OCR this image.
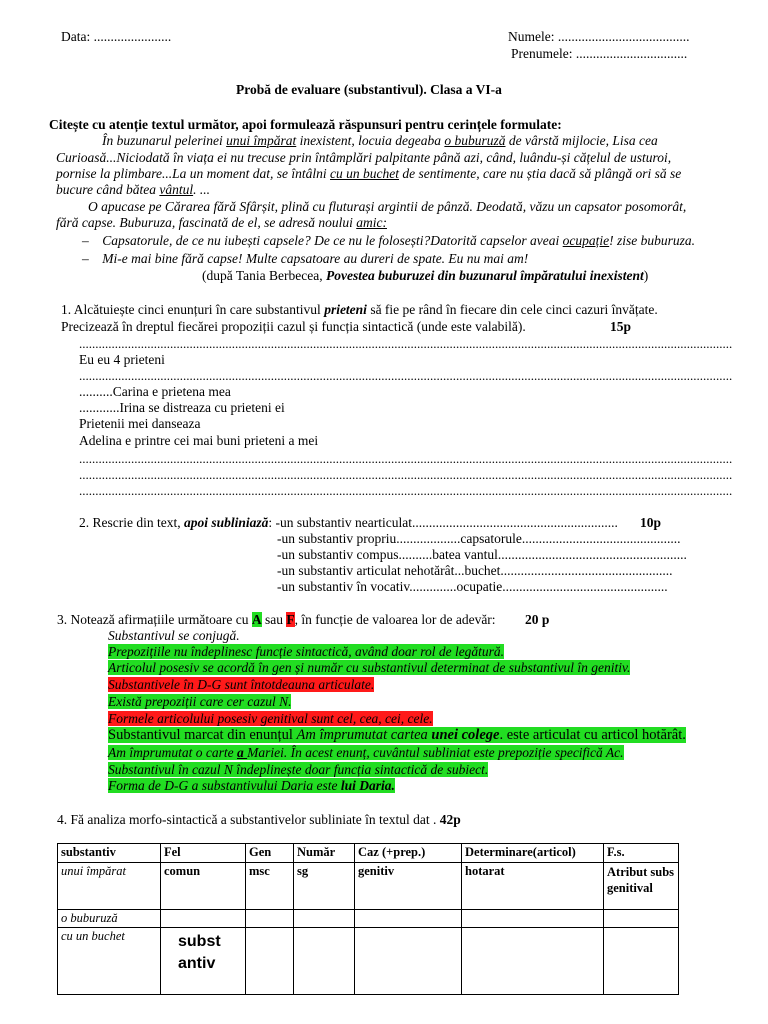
Data: .......................	Numele: .......................................
Prenumele: .................................
Probă de evaluare (substantivul). Clasa a VI-a
Citește cu atenție textul următor, apoi formulează răspunsuri pentru cerințele formulate:
În buzunarul pelerinei unui împărat inexistent, locuia degeaba o buburuză de vârstă mijlocie, Lisa cea
Curioasă...Niciodată în viața ei nu trecuse prin întâmplări palpitante până azi, când, luându-și cățelul de usturoi,
pornise la plimbare...La un moment dat, se întâlni cu un buchet de sentimente, care nu știa dacă să plângă ori să se
bucure când bătea vântul. ...
O apucase pe Cărarea fără Sfârșit, plină cu fluturași argintii de pânză. Deodată, văzu un capsator posomorât,
fără capse. Buburuza, fascinată de el, se adresă noului amic:
–    Capsatorule, de ce nu iubești capsele? De ce nu le folosești?Datorită capselor aveai ocupație! zise buburuza.
–    Mi-e mai bine fără capse! Multe capsatoare au dureri de spate. Eu nu mai am!
(după Tania Berbecea, Povestea buburuzei din buzunarul împăratului inexistent)
1. Alcătuiește cinci enunțuri în care substantivul prieteni să fie pe rând în fiecare din cele cinci cazuri învățate.
Precizează în dreptul fiecărei propoziții cazul și funcția sintactică (unde este valabilă).	15p
.........................................................................................................................................................................................................
Eu eu 4 prieteni
.........................................................................................................................................................................................................
..........Carina e prietena mea
............Irina se distreaza cu prieteni ei
Prietenii mei danseaza
Adelina e printre cei mai buni prieteni a mei
.........................................................................................................................................................................................................
.........................................................................................................................................................................................................
.........................................................................................................................................................................................................
2. Rescrie din text, apoi subliniază: -un substantiv nearticulat............................................................. 10p
-un substantiv propriu...................capsatorule...............................................
-un substantiv compus..........batea vantul........................................................
-un substantiv articulat nehotărât...buchet...................................................
-un substantiv în vocativ..............ocupatie.................................................
3. Notează afirmațiile următoare cu A sau F, în funcție de valoarea lor de adevăr: 20 p
Substantivul se conjugă.
Prepozițiile nu îndeplinesc funcție sintactică, având doar rol de legătură.
Articolul posesiv se acordă în gen și număr cu substantivul determinat de substantivul în genitiv.
Substantivele în D-G sunt întotdeauna articulate.
Există prepoziții care cer cazul N.
Formele articolului posesiv genitival sunt cel, cea, cei, cele.
Substantivul marcat din enunțul Am împrumutat cartea unei colege. este articulat cu articol hotărât.
Am împrumutat o carte a Mariei. În acest enunț, cuvântul subliniat este prepoziție specifică Ac.
Substantivul în cazul N îndeplinește doar funcția sintactică de subiect.
Forma de D-G a substantivului Daria este lui Daria.
4. Fă analiza morfo-sintactică a substantivelor subliniate în textul dat . 42p
substantiv	Fel	Gen	Număr	Caz (+prep.)	Determinare(articol)	F.s.
unui împărat	comun	msc	sg	genitiv	hotarat	Atribut subs genitival
o buburuză						
cu un buchet	subst antiv					
